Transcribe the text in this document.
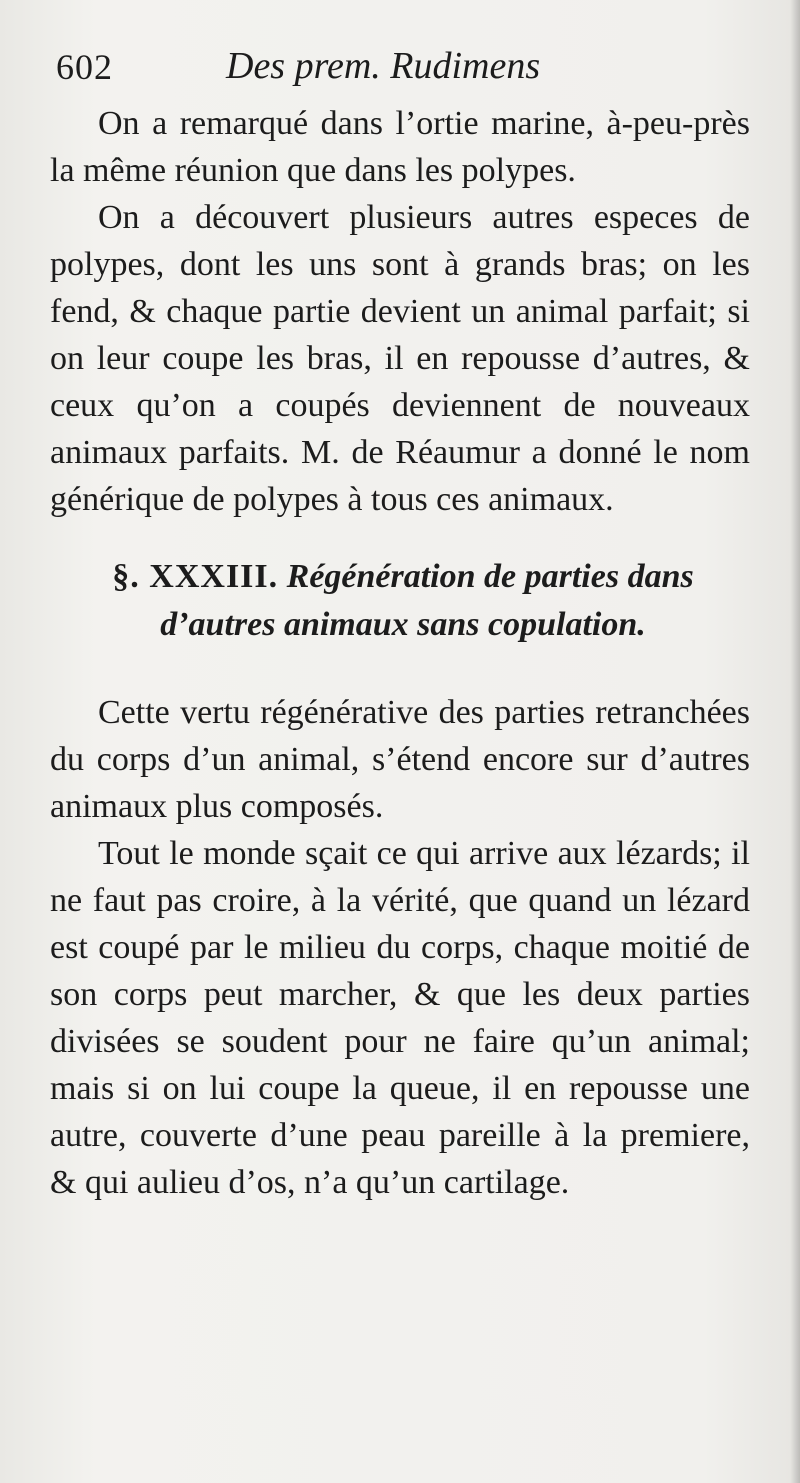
602	Des prem. Rudimens

On a remarqué dans l’ortie marine, à-peu-près la même réunion que dans les polypes.

On a découvert plusieurs autres especes de polypes, dont les uns sont à grands bras; on les fend, & chaque partie devient un animal parfait; si on leur coupe les bras, il en repousse d’autres, & ceux qu’on a coupés deviennent de nouveaux animaux parfaits. M. de Réaumur a donné le nom générique de polypes à tous ces animaux.

§. XXXIII. Régénération de parties dans d’autres animaux sans copulation.

Cette vertu régénérative des parties retranchées du corps d’un animal, s’étend encore sur d’autres animaux plus composés.

Tout le monde sçait ce qui arrive aux lézards; il ne faut pas croire, à la vérité, que quand un lézard est coupé par le milieu du corps, chaque moitié de son corps peut marcher, & que les deux parties divisées se soudent pour ne faire qu’un animal; mais si on lui coupe la queue, il en repousse une autre, couverte d’une peau pareille à la premiere, & qui aulieu d’os, n’a qu’un cartilage.
